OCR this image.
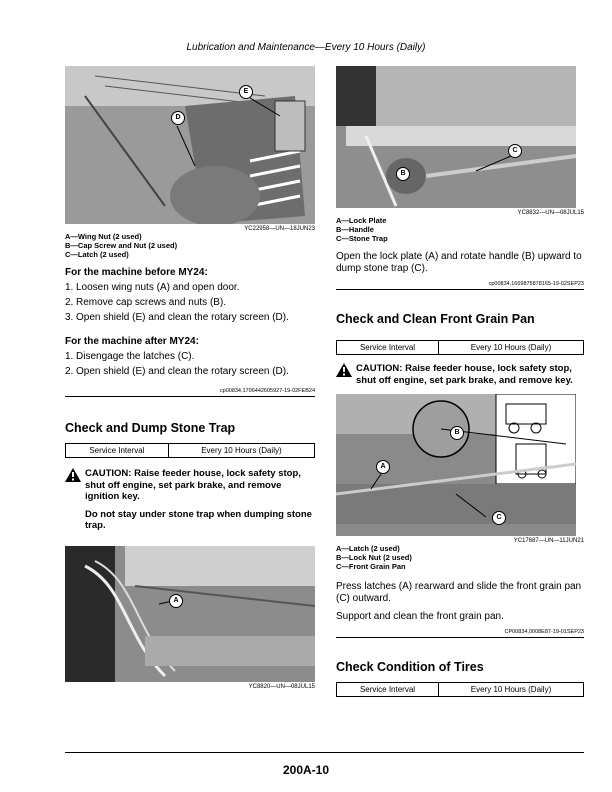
Lubrication and Maintenance—Every 10 Hours (Daily)
E
D
YC22958—UN—18JUN23
A—Wing Nut (2 used)
B—Cap Screw and Nut (2 used)
C—Latch (2 used)
For the machine before MY24:
1. Loosen wing nuts (A) and open door.
2. Remove cap screws and nuts (B).
3. Open shield (E) and clean the rotary screen (D).
For the machine after MY24:
1. Disengage the latches (C).
2. Open shield (E) and clean the rotary screen (D).
cp00834,1706442605927-19-02FEB24
Check and Dump Stone Trap
Service Interval	Every 10 Hours (Daily)
CAUTION: Raise feeder house, lock safety stop, shut off engine, set park brake, and remove ignition key.
Do not stay under stone trap when dumping stone trap.
A
YC8820—UN—08JUL15
C
B
YC8832—UN—08JUL15
A—Lock Plate
B—Handle
C—Stone Trap
Open the lock plate (A) and rotate handle (B) upward to dump stone trap (C).
cp00834,1669875878165-19-02SEP23
Check and Clean Front Grain Pan
Service Interval	Every 10 Hours (Daily)
CAUTION: Raise feeder house, lock safety stop, shut off engine, set park brake, and remove key.
B
A
C
YC17687—UN—11JUN21
A—Latch (2 used)
B—Lock Nut (2 used)
C—Front Grain Pan
Press latches (A) rearward and slide the front grain pan (C) outward.
Support and clean the front grain pan.
CP00834,0008E87-19-01SEP23
Check Condition of Tires
Service Interval	Every 10 Hours (Daily)
200A-10
